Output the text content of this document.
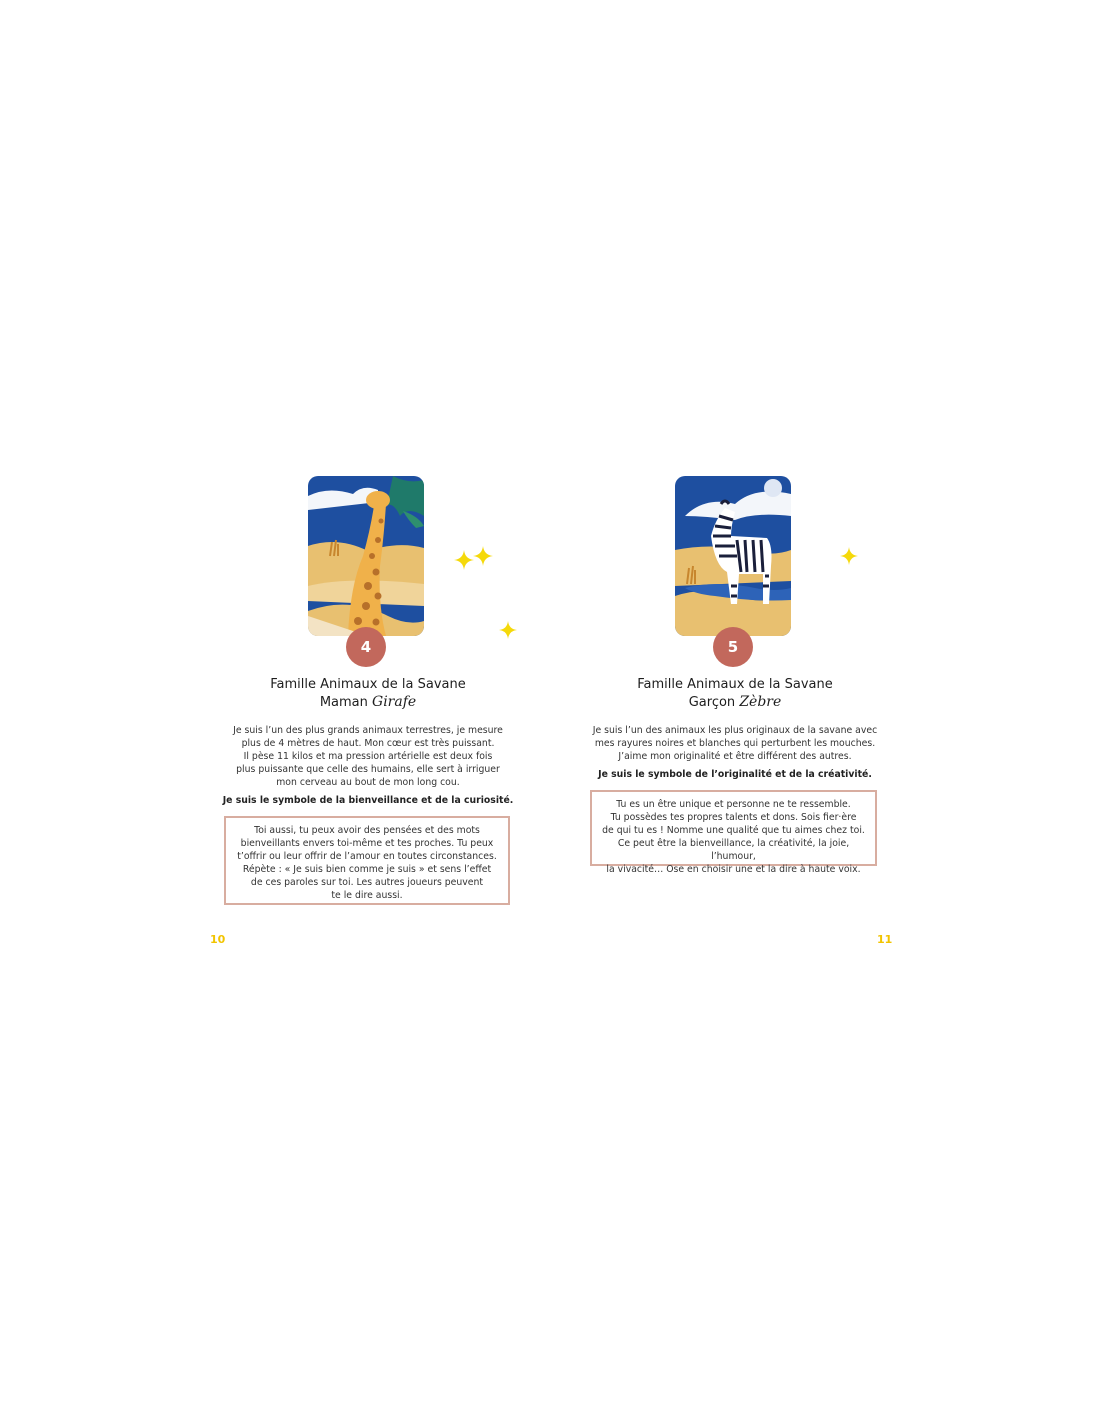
4
Famille Animaux de la Savane
Maman Girafe
Je suis l’un des plus grands animaux terrestres, je mesure
plus de 4 mètres de haut. Mon cœur est très puissant.
Il pèse 11 kilos et ma pression artérielle est deux fois
plus puissante que celle des humains, elle sert à irriguer
mon cerveau au bout de mon long cou.
Je suis le symbole de la bienveillance et de la curiosité.
Toi aussi, tu peux avoir des pensées et des mots
bienveillants envers toi-même et tes proches. Tu peux
t’offrir ou leur offrir de l’amour en toutes circonstances.
Répète : « Je suis bien comme je suis » et sens l’effet
de ces paroles sur toi. Les autres joueurs peuvent
te le dire aussi.
5
Famille Animaux de la Savane
Garçon Zèbre
Je suis l’un des animaux les plus originaux de la savane avec
mes rayures noires et blanches qui perturbent les mouches.
J’aime mon originalité et être différent des autres.
Je suis le symbole de l’originalité et de la créativité.
Tu es un être unique et personne ne te ressemble.
Tu possèdes tes propres talents et dons. Sois fier·ère
de qui tu es ! Nomme une qualité que tu aimes chez toi.
Ce peut être la bienveillance, la créativité, la joie, l’humour,
la vivacité… Ose en choisir une et la dire à haute voix.
10	11
